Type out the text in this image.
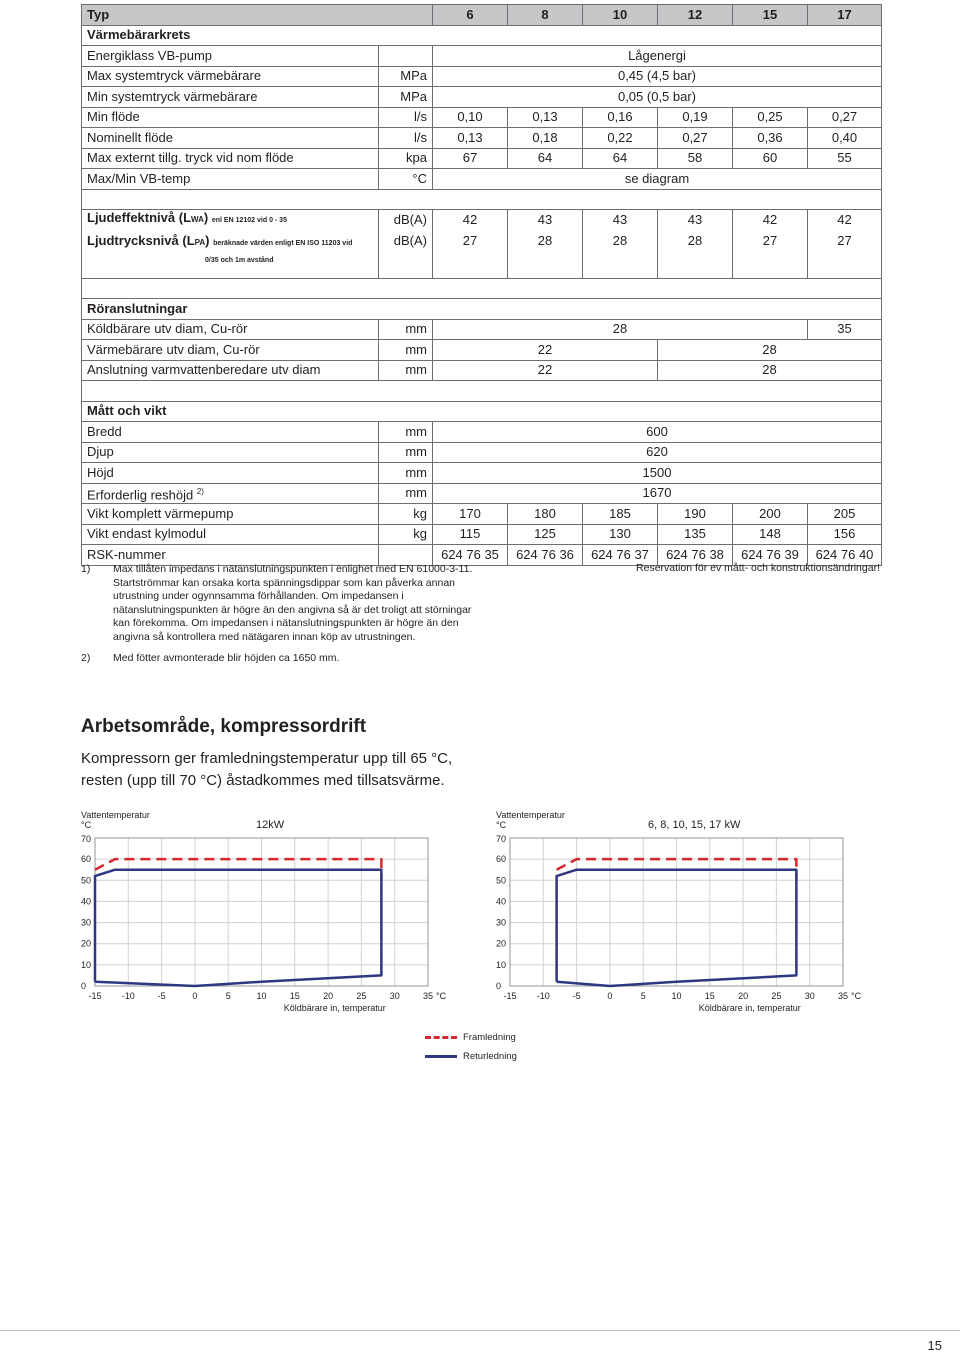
Typ		6	8	10	12	15	17
Värmebärarkrets							
Energiklass VB-pump		Lågenergi					
Max systemtryck värmebärare	MPa	0,45 (4,5 bar)					
Min systemtryck värmebärare	MPa	0,05 (0,5 bar)					
Min flöde	l/s	0,10	0,13	0,16	0,19	0,25	0,27
Nominellt flöde	l/s	0,13	0,18	0,22	0,27	0,36	0,40
Max externt tillg. tryck vid nom flöde	kpa	67	64	64	58	60	55
Max/Min VB-temp	°C	se diagram					

Ljudeffektnivå (LWA) enl EN 12102 vid 0 - 35	dB(A)	42	43	43	43	42	42
Ljudtrycksnivå (LPA) beräknade värden enligt EN ISO 11203 vid
0/35 och 1m avstånd	dB(A)	27	28	28	28	27	27

Röranslutningar							
Köldbärare utv diam, Cu-rör	mm	28					35
Värmebärare utv diam, Cu-rör	mm	22			28		
Anslutning varmvattenberedare utv diam	mm	22			28		

Mått och vikt							
Bredd	mm	600					
Djup	mm	620					
Höjd	mm	1500					
Erforderlig reshöjd $^{2)}$	mm	1670					
Vikt komplett värmepump	kg	170	180	185	190	200	205
Vikt endast kylmodul	kg	115	125	130	135	148	156
RSK-nummer		624 76 35	624 76 36	624 76 37	624 76 38	624 76 39	624 76 40
1)	Max tillåten impedans i nätanslutningspunkten i enlighet med EN 61000-3-11. Startströmmar kan orsaka korta spänningsdippar som kan påverka annan utrustning under ogynnsamma förhållanden. Om impedansen i nätanslutningspunkten är högre än den angivna så är det troligt att störningar kan förekomma. Om impedansen i nätanslutningspunkten är högre än den angivna så kontrollera med nätägaren innan köp av utrustningen.
2)	Med fötter avmonterade blir höjden ca 1650 mm.
Reservation för ev mått- och konstruktionsändringar!
Arbetsområde, kompressordrift
Kompressorn ger framledningstemperatur upp till 65 °C,
resten (upp till 70 °C) åstadkommes med tillsatsvärme.
0
10
20
30
40
50
60
70
-15 -10	-5	0	5	10	15	20	25	30	35 °C
Köldbärare in, temperatur
Vattentemperatur
°C	12kW
0
10
20
30
40
50
60
70
-15 -10	-5	0	5	10	15	20	25	30	35 °C
Köldbärare in, temperatur
Vattentemperatur
°C	6, 8, 10, 15, 17 kW
Framledning
Returledning
15
